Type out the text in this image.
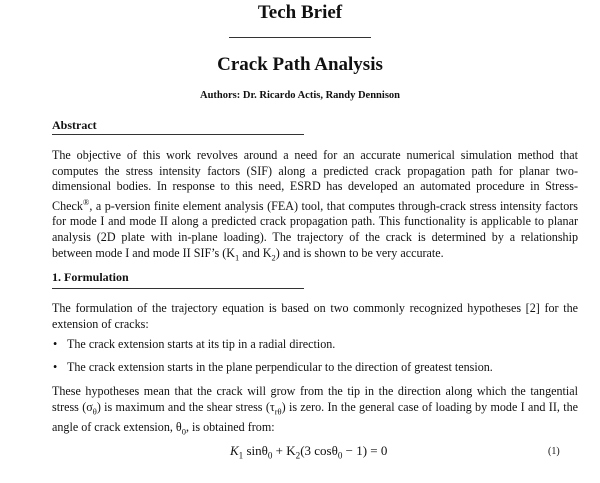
Tech Brief
Crack Path Analysis
Authors: Dr. Ricardo Actis, Randy Dennison
Abstract

The objective of this work revolves around a need for an accurate numerical simulation method that computes the stress intensity factors (SIF) along a predicted crack propagation path for planar two-dimensional bodies. In response to this need, ESRD has developed an automated procedure in Stress-Check®, a p-version finite element analysis (FEA) tool, that computes through-crack stress intensity factors for mode I and mode II along a predicted crack propagation path. This functionality is applicable to planar analysis (2D plate with in-plane loading). The trajectory of the crack is determined by a relationship between mode I and mode II SIF’s ($K_1$ and $K_2$) and is shown to be very accurate.

1. Formulation

The formulation of the trajectory equation is based on two commonly recognized hypotheses [2] for the extension of cracks:

• The crack extension starts at its tip in a radial direction.
• The crack extension starts in the plane perpendicular to the direction of greatest tension.

These hypotheses mean that the crack will grow from the tip in the direction along which the tangential stress $(\sigma_\theta)$ is maximum and the shear stress $(\tau_{r\theta})$ is zero. In the general case of loading by mode I and II, the angle of crack extension, $\theta_0$, is obtained from:

$K_1$ $\sin\theta_0 + K_2(3$ cosθ$_0$ − 1) = 0	(1)
